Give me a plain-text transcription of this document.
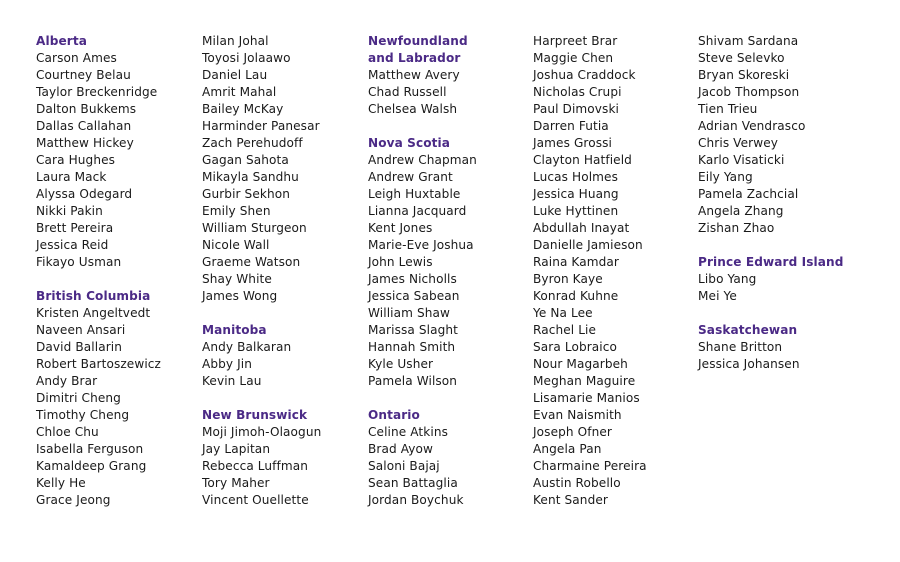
Alberta
Carson Ames
Courtney Belau
Taylor Breckenridge
Dalton Bukkems
Dallas Callahan
Matthew Hickey
Cara Hughes
Laura Mack
Alyssa Odegard
Nikki Pakin
Brett Pereira
Jessica Reid
Fikayo Usman
British Columbia
Kristen Angeltvedt
Naveen Ansari
David Ballarin
Robert Bartoszewicz
Andy Brar
Dimitri Cheng
Timothy Cheng
Chloe Chu
Isabella Ferguson
Kamaldeep Grang
Kelly He
Grace Jeong
Milan Johal
Toyosi Jolaawo
Daniel Lau
Amrit Mahal
Bailey McKay
Harminder Panesar
Zach Perehudoff
Gagan Sahota
Mikayla Sandhu
Gurbir Sekhon
Emily Shen
William Sturgeon
Nicole Wall
Graeme Watson
Shay White
James Wong
Manitoba
Andy Balkaran
Abby Jin
Kevin Lau
New Brunswick
Moji Jimoh-Olaogun
Jay Lapitan
Rebecca Luffman
Tory Maher
Vincent Ouellette
Newfoundland
and Labrador
Matthew Avery
Chad Russell
Chelsea Walsh
Nova Scotia
Andrew Chapman
Andrew Grant
Leigh Huxtable
Lianna Jacquard
Kent Jones
Marie-Eve Joshua
John Lewis
James Nicholls
Jessica Sabean
William Shaw
Marissa Slaght
Hannah Smith
Kyle Usher
Pamela Wilson
Ontario
Celine Atkins
Brad Ayow
Saloni Bajaj
Sean Battaglia
Jordan Boychuk
Harpreet Brar
Maggie Chen
Joshua Craddock
Nicholas Crupi
Paul Dimovski
Darren Futia
James Grossi
Clayton Hatfield
Lucas Holmes
Jessica Huang
Luke Hyttinen
Abdullah Inayat
Danielle Jamieson
Raina Kamdar
Byron Kaye
Konrad Kuhne
Ye Na Lee
Rachel Lie
Sara Lobraico
Nour Magarbeh
Meghan Maguire
Lisamarie Manios
Evan Naismith
Joseph Ofner
Angela Pan
Charmaine Pereira
Austin Robello
Kent Sander
Shivam Sardana
Steve Selevko
Bryan Skoreski
Jacob Thompson
Tien Trieu
Adrian Vendrasco
Chris Verwey
Karlo Visaticki
Eily Yang
Pamela Zachcial
Angela Zhang
Zishan Zhao
Prince Edward Island
Libo Yang
Mei Ye
Saskatchewan
Shane Britton
Jessica Johansen
